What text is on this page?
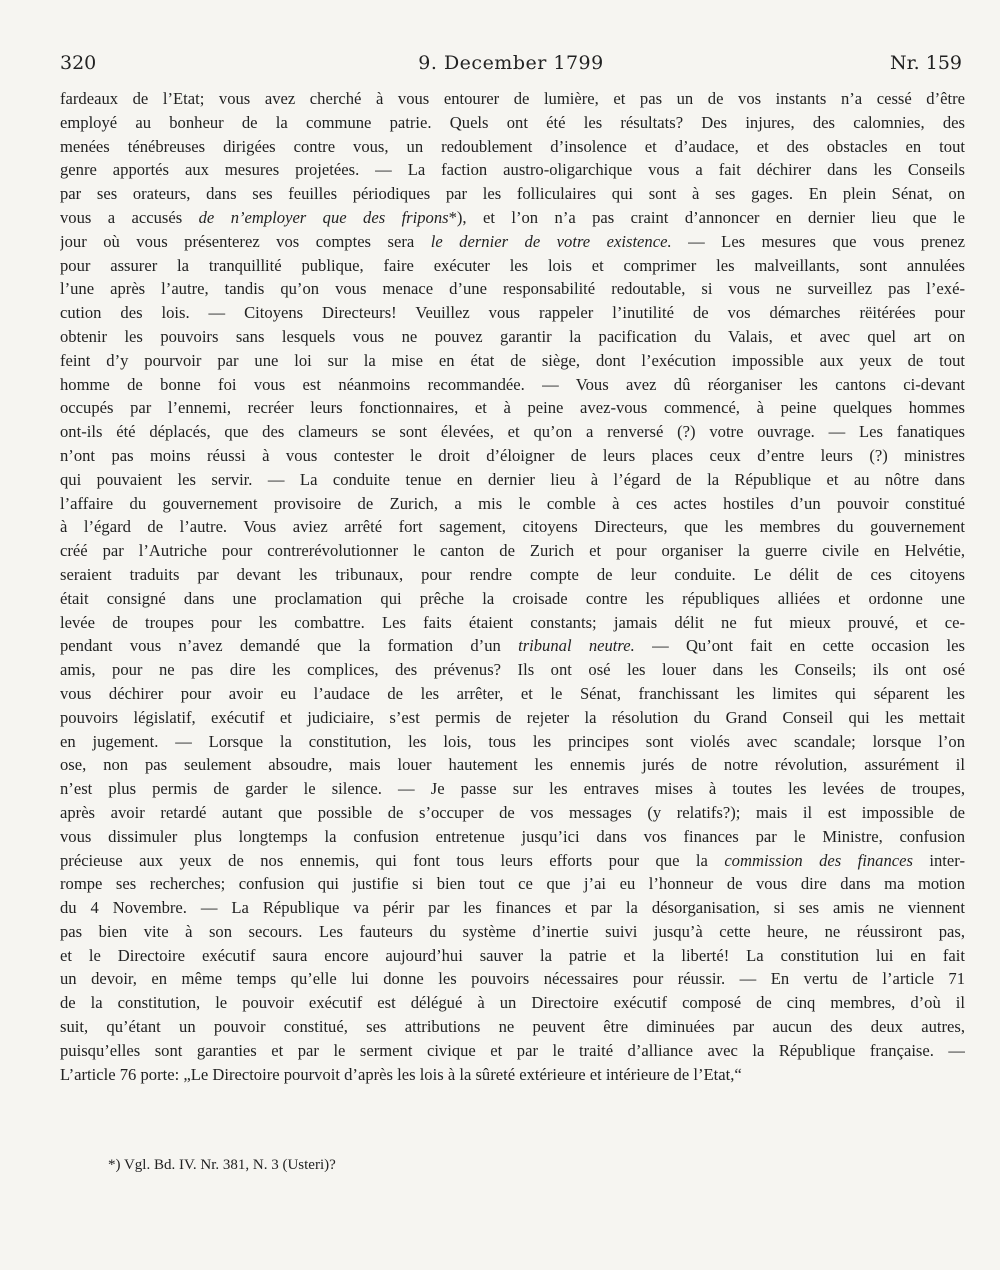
320	9. December 1799	Nr. 159
fardeaux de l’Etat; vous avez cherché à vous entourer de lumière, et pas un de vos instants n’a cessé d’être
employé au bonheur de la commune patrie. Quels ont été les résultats? Des injures, des calomnies, des
menées ténébreuses dirigées contre vous, un redoublement d’insolence et d’audace, et des obstacles en tout
genre apportés aux mesures projetées. — La faction austro-oligarchique vous a fait déchirer dans les Conseils
par ses orateurs, dans ses feuilles périodiques par les folliculaires qui sont à ses gages. En plein Sénat, on
vous a accusés de n’employer que des fripons*), et l’on n’a pas craint d’annoncer en dernier lieu que le
jour où vous présenterez vos comptes sera le dernier de votre existence. — Les mesures que vous prenez
pour assurer la tranquillité publique, faire exécuter les lois et comprimer les malveillants, sont annulées
l’une après l’autre, tandis qu’on vous menace d’une responsabilité redoutable, si vous ne surveillez pas l’exé-
cution des lois. — Citoyens Directeurs! Veuillez vous rappeler l’inutilité de vos démarches rëitérées pour
obtenir les pouvoirs sans lesquels vous ne pouvez garantir la pacification du Valais, et avec quel art on
feint d’y pourvoir par une loi sur la mise en état de siège, dont l’exécution impossible aux yeux de tout
homme de bonne foi vous est néanmoins recommandée. — Vous avez dû réorganiser les cantons ci-devant
occupés par l’ennemi, recréer leurs fonctionnaires, et à peine avez-vous commencé, à peine quelques hommes
ont-ils été déplacés, que des clameurs se sont élevées, et qu’on a renversé (?) votre ouvrage. — Les fanatiques
n’ont pas moins réussi à vous contester le droit d’éloigner de leurs places ceux d’entre leurs (?) ministres
qui pouvaient les servir. — La conduite tenue en dernier lieu à l’égard de la République et au nôtre dans
l’affaire du gouvernement provisoire de Zurich, a mis le comble à ces actes hostiles d’un pouvoir constitué
à l’égard de l’autre. Vous aviez arrêté fort sagement, citoyens Directeurs, que les membres du gouvernement
créé par l’Autriche pour contrerévolutionner le canton de Zurich et pour organiser la guerre civile en Helvétie,
seraient traduits par devant les tribunaux, pour rendre compte de leur conduite. Le délit de ces citoyens
était consigné dans une proclamation qui prêche la croisade contre les républiques alliées et ordonne une
levée de troupes pour les combattre. Les faits étaient constants; jamais délit ne fut mieux prouvé, et ce-
pendant vous n’avez demandé que la formation d’un tribunal neutre. — Qu’ont fait en cette occasion les
amis, pour ne pas dire les complices, des prévenus? Ils ont osé les louer dans les Conseils; ils ont osé
vous déchirer pour avoir eu l’audace de les arrêter, et le Sénat, franchissant les limites qui séparent les
pouvoirs législatif, exécutif et judiciaire, s’est permis de rejeter la résolution du Grand Conseil qui les mettait
en jugement. — Lorsque la constitution, les lois, tous les principes sont violés avec scandale; lorsque l’on
ose, non pas seulement absoudre, mais louer hautement les ennemis jurés de notre révolution, assurément il
n’est plus permis de garder le silence. — Je passe sur les entraves mises à toutes les levées de troupes,
après avoir retardé autant que possible de s’occuper de vos messages (y relatifs?); mais il est impossible de
vous dissimuler plus longtemps la confusion entretenue jusqu’ici dans vos finances par le Ministre, confusion
précieuse aux yeux de nos ennemis, qui font tous leurs efforts pour que la commission des finances inter-
rompe ses recherches; confusion qui justifie si bien tout ce que j’ai eu l’honneur de vous dire dans ma motion
du 4 Novembre. — La République va périr par les finances et par la désorganisation, si ses amis ne viennent
pas bien vite à son secours. Les fauteurs du système d’inertie suivi jusqu’à cette heure, ne réussiront pas,
et le Directoire exécutif saura encore aujourd’hui sauver la patrie et la liberté! La constitution lui en fait
un devoir, en même temps qu’elle lui donne les pouvoirs nécessaires pour réussir. — En vertu de l’article 71
de la constitution, le pouvoir exécutif est délégué à un Directoire exécutif composé de cinq membres, d’où il
suit, qu’étant un pouvoir constitué, ses attributions ne peuvent être diminuées par aucun des deux autres,
puisqu’elles sont garanties et par le serment civique et par le traité d’alliance avec la République française. —
L’article 76 porte: „Le Directoire pourvoit d’après les lois à la sûreté extérieure et intérieure de l’Etat,“
*) Vgl. Bd. IV. Nr. 381, N. 3 (Usteri)?
